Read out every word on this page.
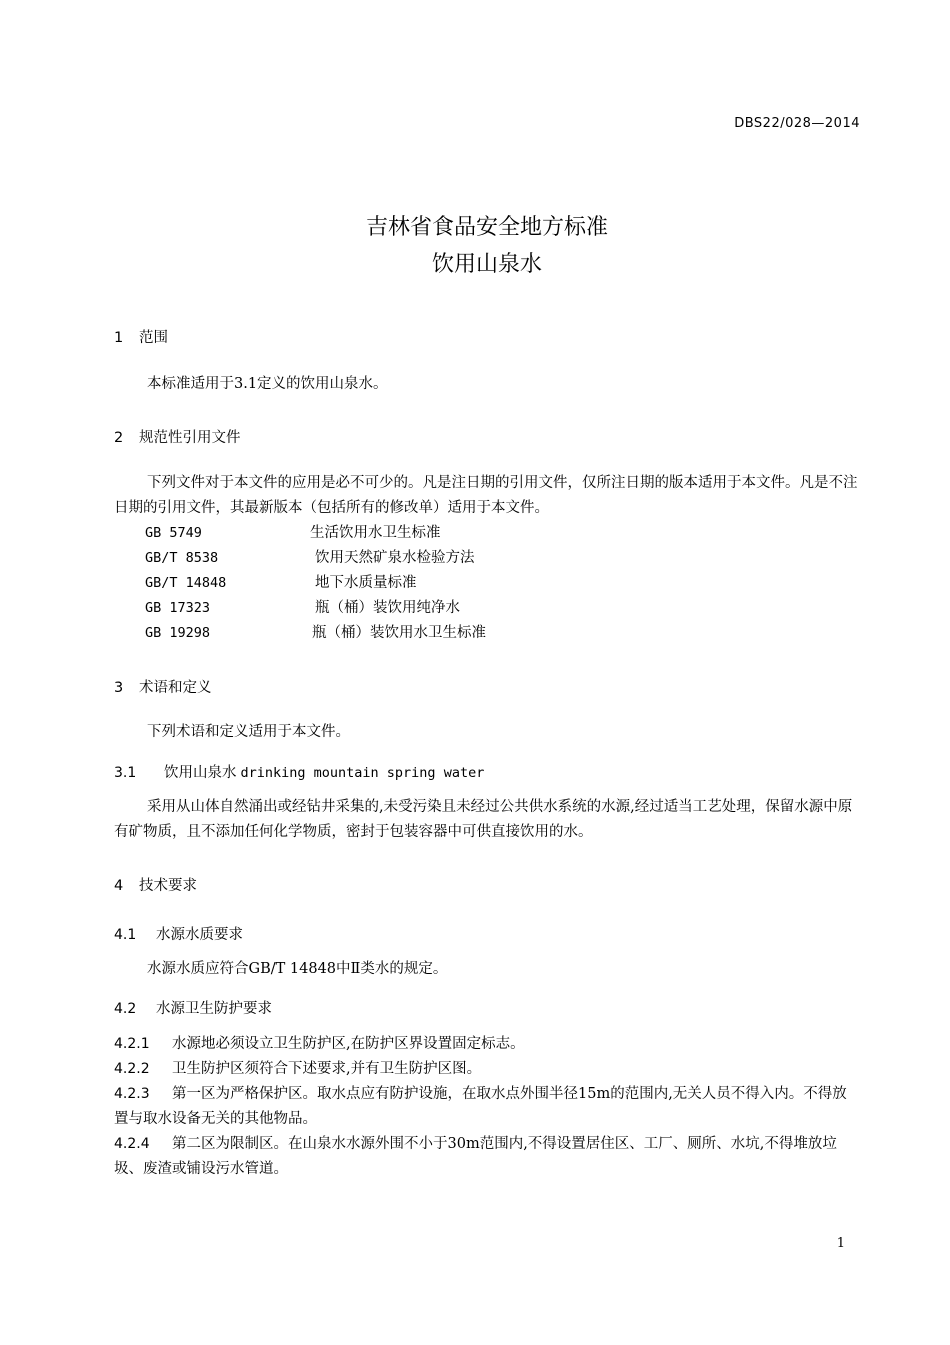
DBS22/028—2014
吉林省食品安全地方标准
饮用山泉水
1 范围
本标准适用于3.1定义的饮用山泉水。
2 规范性引用文件
下列文件对于本文件的应用是必不可少的。凡是注日期的引用文件，仅所注日期的版本适用于本文件。凡是不注日期的引用文件，其最新版本（包括所有的修改单）适用于本文件。
GB 5749	生活饮用水卫生标准
GB/T 8538	饮用天然矿泉水检验方法
GB/T 14848	地下水质量标准
GB 17323	瓶（桶）装饮用纯净水
GB 19298	瓶（桶）装饮用水卫生标准
3 术语和定义
下列术语和定义适用于本文件。
3.1 饮用山泉水 drinking mountain spring water
采用从山体自然涌出或经钻井采集的,未受污染且未经过公共供水系统的水源,经过适当工艺处理，保留水源中原有矿物质，且不添加任何化学物质，密封于包装容器中可供直接饮用的水。
4 技术要求
4.1 水源水质要求
水源水质应符合GB/T 14848中Ⅱ类水的规定。
4.2 水源卫生防护要求
4.2.1 水源地必须设立卫生防护区,在防护区界设置固定标志。
4.2.2 卫生防护区须符合下述要求,并有卫生防护区图。
4.2.3 第一区为严格保护区。取水点应有防护设施，在取水点外围半径15m的范围内,无关人员不得入内。不得放置与取水设备无关的其他物品。
4.2.4 第二区为限制区。在山泉水水源外围不小于30m范围内,不得设置居住区、工厂、厕所、水坑,不得堆放垃圾、废渣或铺设污水管道。
1
